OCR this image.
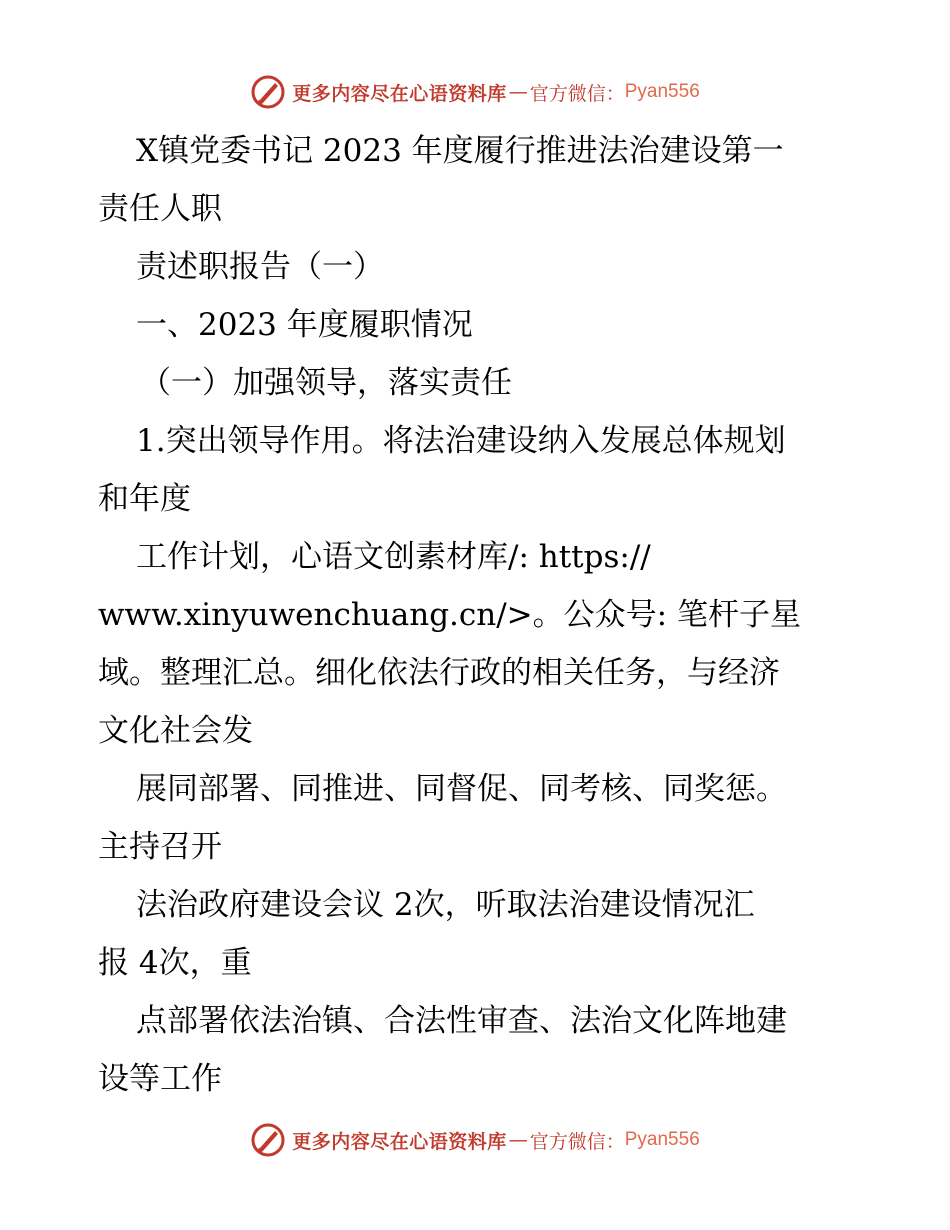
更多内容尽在心语资料库 — 官方微信： Pyan556
X镇党委书记 2023 年度履行推进法治建设第一
责任人职
责述职报告（一）
一、2023 年度履职情况
（一）加强领导，落实责任
1.突出领导作用。将法治建设纳入发展总体规划
和年度
工作计划，心语文创素材库/: https://
www.xinyuwenchuang.cn/>。公众号: 笔杆子星
域。整理汇总。细化依法行政的相关任务，与经济
文化社会发
展同部署、同推进、同督促、同考核、同奖惩。
主持召开
法治政府建设会议 2次，听取法治建设情况汇
报 4次，重
点部署依法治镇、合法性审查、法治文化阵地建
设等工作
更多内容尽在心语资料库 — 官方微信： Pyan556
